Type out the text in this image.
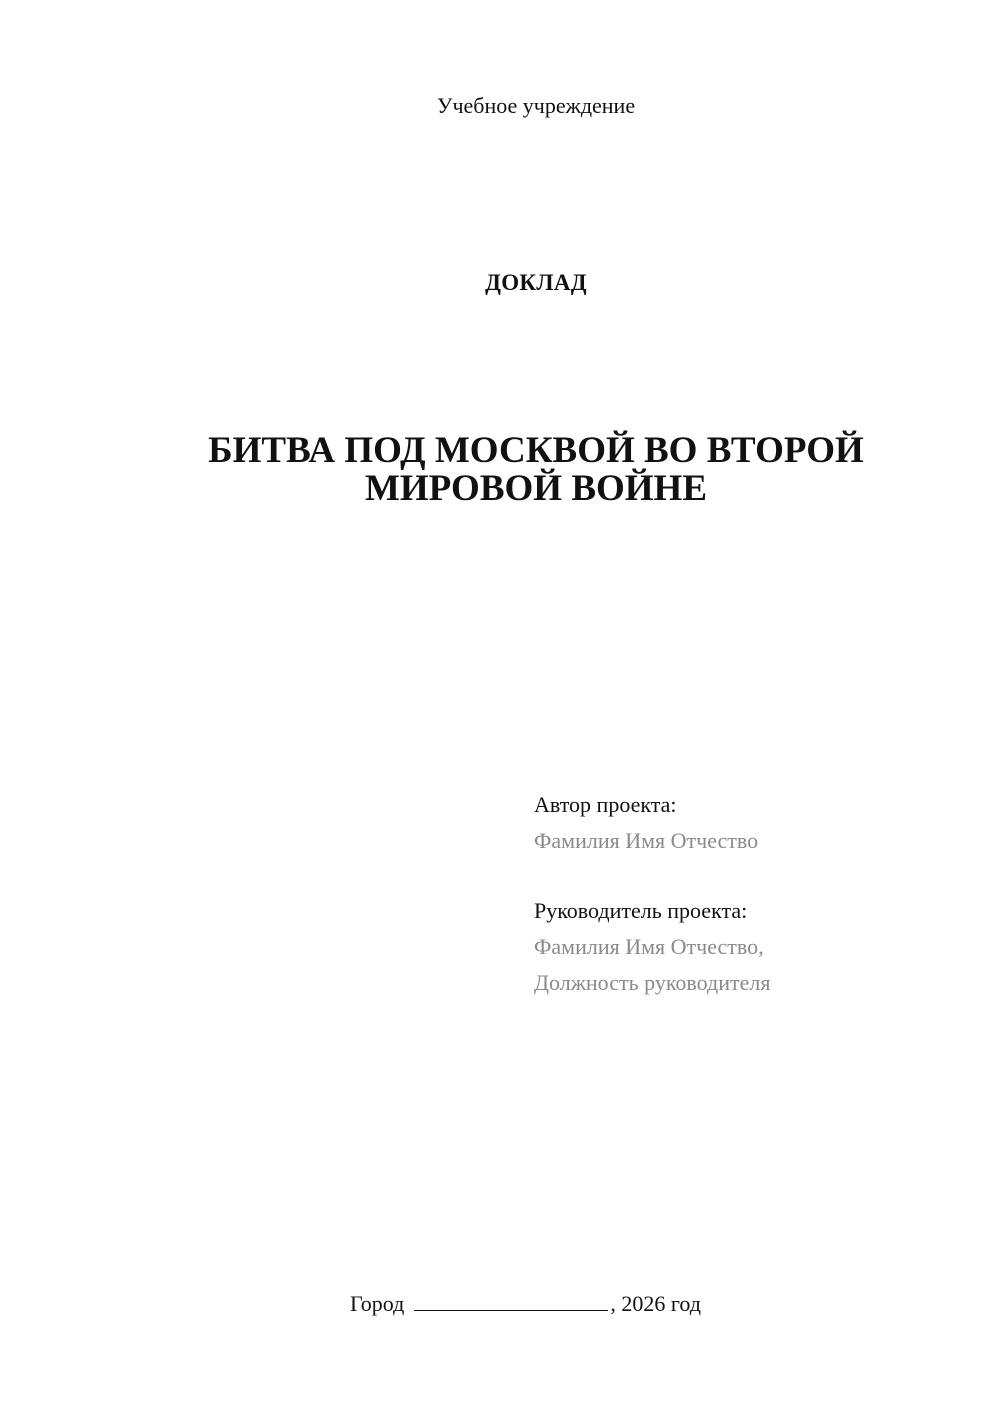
Учебное учреждение
ДОКЛАД
БИТВА ПОД МОСКВОЙ ВО ВТОРОЙ
МИРОВОЙ ВОЙНЕ
Автор проекта:
Фамилия Имя Отчество
Руководитель проекта:
Фамилия Имя Отчество,
Должность руководителя
Город	, 2026 год
